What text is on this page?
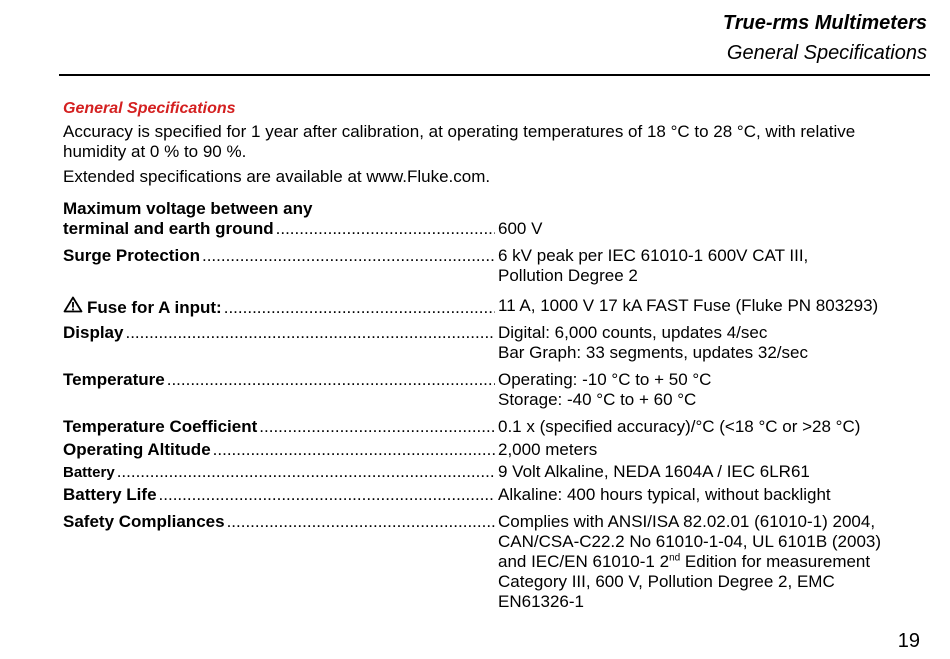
True-rms Multimeters
General Specifications
General Specifications

Accuracy is specified for 1 year after calibration, at operating temperatures of 18 °C to 28 °C, with relative humidity at 0 % to 90 %.

Extended specifications are available at www.Fluke.com.

Maximum voltage between any
terminal and earth ground .....	600 V
Surge Protection .....	6 kV peak per IEC 61010-1 600V CAT III,
Pollution Degree 2
Fuse for A input: .....	11 A, 1000 V 17 kA FAST Fuse (Fluke PN 803293)
Display .....	Digital: 6,000 counts, updates 4/sec
Bar Graph: 33 segments, updates 32/sec
Temperature .....	Operating: -10 °C to + 50 °C
Storage: -40 °C to + 60 °C
Temperature Coefficient .....	0.1 x (specified accuracy)/°C (<18 °C or >28 °C)
Operating Altitude .....	2,000 meters
Battery .....	9 Volt Alkaline, NEDA 1604A / IEC 6LR61
Battery Life .....	Alkaline: 400 hours typical, without backlight
Safety Compliances .....	Complies with ANSI/ISA 82.02.01 (61010-1) 2004,
CAN/CSA-C22.2 No 61010-1-04, UL 6101B (2003)
and IEC/EN 61010-1 2nd Edition for measurement
Category III, 600 V, Pollution Degree 2, EMC
EN61326-1
19
